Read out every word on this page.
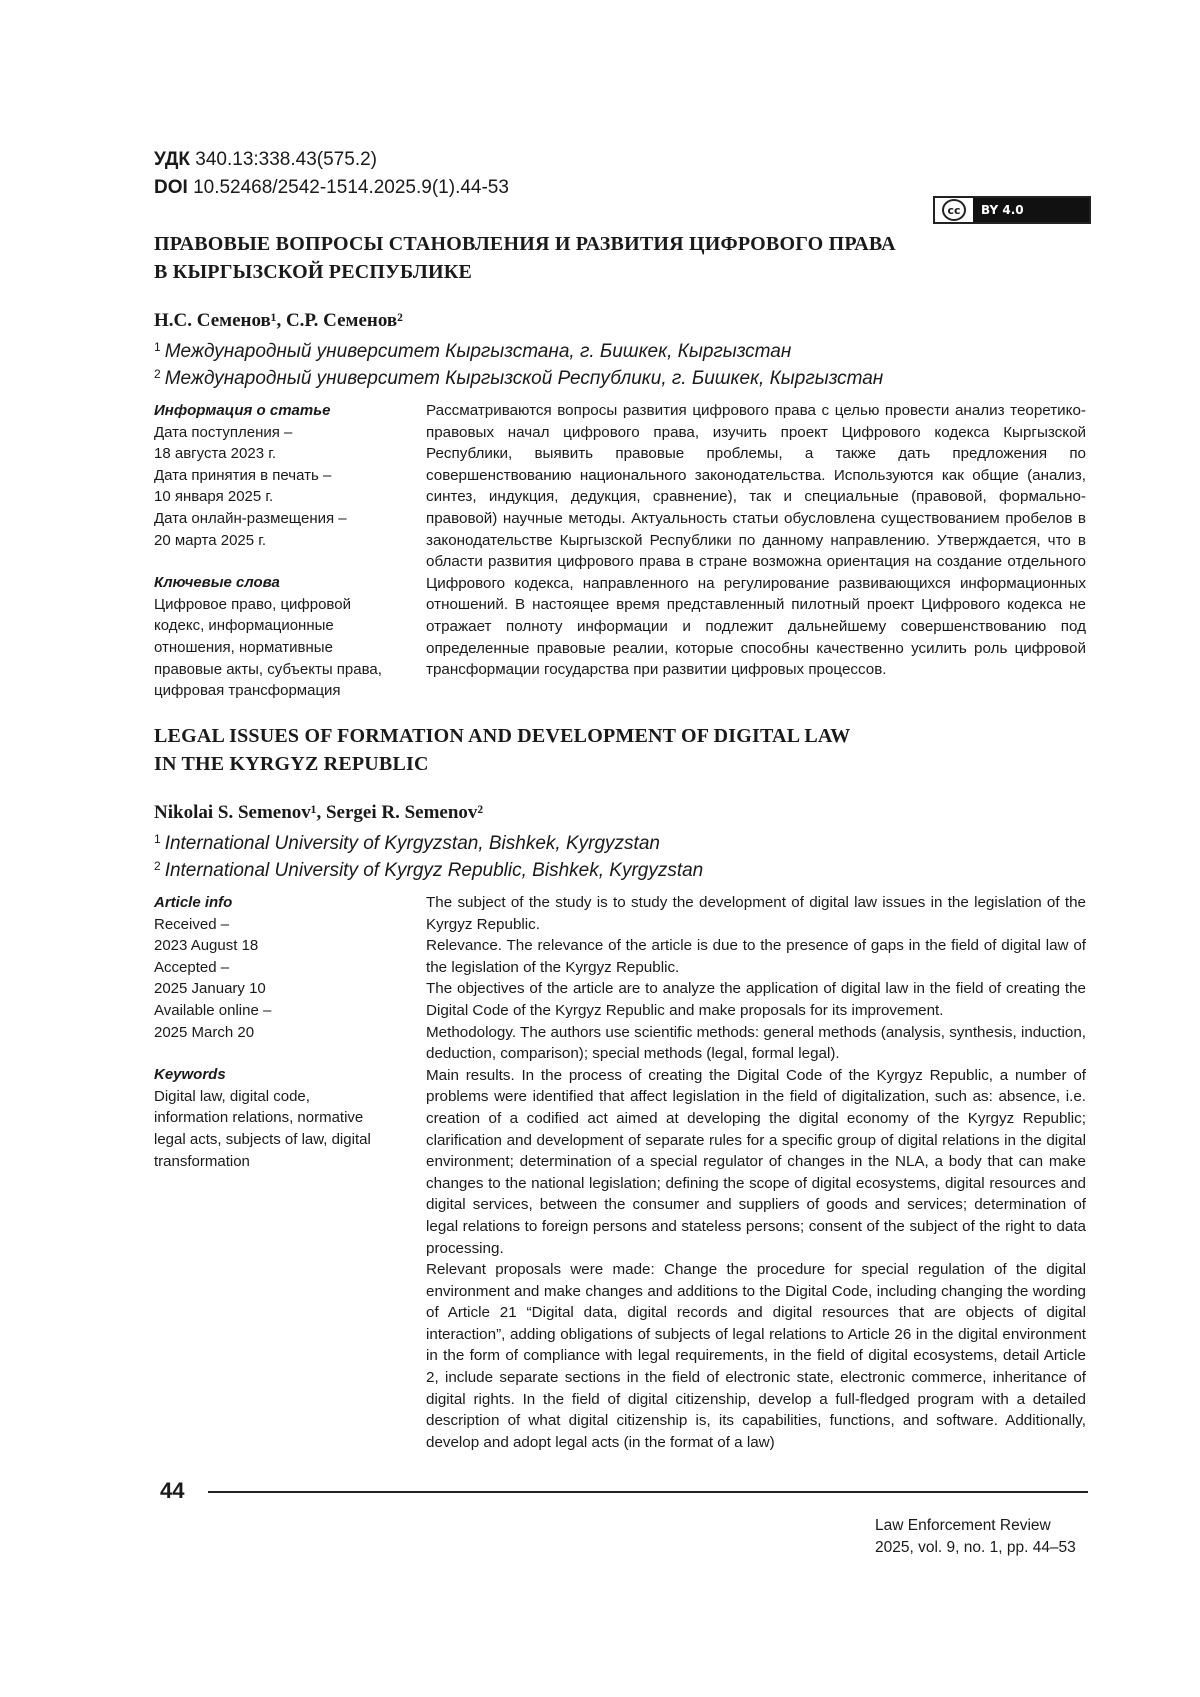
УДК 340.13:338.43(575.2)
DOI 10.52468/2542-1514.2025.9(1).44-53
cc	BY 4.0
ПРАВОВЫЕ ВОПРОСЫ СТАНОВЛЕНИЯ И РАЗВИТИЯ ЦИФРОВОГО ПРАВА
В КЫРГЫЗСКОЙ РЕСПУБЛИКЕ
Н.С. Семенов¹, С.Р. Семенов²
$^1$ Международный университет Кыргызстана, г. Бишкек, Кыргызстан
$^2$ Международный университет Кыргызской Республики, г. Бишкек, Кыргызстан
Информация о статье
Дата поступления –
18 августа 2023 г.
Дата принятия в печать –
10 января 2025 г.
Дата онлайн-размещения –
20 марта 2025 г.
Ключевые слова
Цифровое право, цифровой
кодекс, информационные
отношения, нормативные
правовые акты, субъекты права,
цифровая трансформация

Рассматриваются вопросы развития цифрового права с целью провести анализ теоретико-правовых начал цифрового права, изучить проект Цифрового кодекса Кыргызской Республики, выявить правовые проблемы, а также дать предложения по совершенствованию национального законодательства. Используются как общие (анализ, синтез, индукция, дедукция, сравнение), так и специальные (правовой, формально-правовой) научные методы. Актуальность статьи обусловлена существованием пробелов в законодательстве Кыргызской Республики по данному направлению. Утверждается, что в области развития цифрового права в стране возможна ориентация на создание отдельного Цифрового кодекса, направленного на регулирование развивающихся информационных отношений. В настоящее время представленный пилотный проект Цифрового кодекса не отражает полноту информации и подлежит дальнейшему совершенствованию под определенные правовые реалии, которые способны качественно усилить роль цифровой трансформации государства при развитии цифровых процессов.

LEGAL ISSUES OF FORMATION AND DEVELOPMENT OF DIGITAL LAW
IN THE KYRGYZ REPUBLIC
Nikolai S. Semenov¹, Sergei R. Semenov²
$^1$ International University of Kyrgyzstan, Bishkek, Kyrgyzstan
$^2$ International University of Kyrgyz Republic, Bishkek, Kyrgyzstan
Article info
Received –
2023 August 18
Accepted –
2025 January 10
Available online –
2025 March 20
Keywords
Digital law, digital code,
information relations, normative
legal acts, subjects of law, digital
transformation

The subject of the study is to study the development of digital law issues in the legislation of the Kyrgyz Republic.

Relevance. The relevance of the article is due to the presence of gaps in the field of digital law of the legislation of the Kyrgyz Republic.

The objectives of the article are to analyze the application of digital law in the field of creating the Digital Code of the Kyrgyz Republic and make proposals for its improvement.

Methodology. The authors use scientific methods: general methods (analysis, synthesis, induction, deduction, comparison); special methods (legal, formal legal).

Main results. In the process of creating the Digital Code of the Kyrgyz Republic, a number of problems were identified that affect legislation in the field of digitalization, such as: absence, i.e. creation of a codified act aimed at developing the digital economy of the Kyrgyz Republic; clarification and development of separate rules for a specific group of digital relations in the digital environment; determination of a special regulator of changes in the NLA, a body that can make changes to the national legislation; defining the scope of digital ecosystems, digital resources and digital services, between the consumer and suppliers of goods and services; determination of legal relations to foreign persons and stateless persons; consent of the subject of the right to data processing.

Relevant proposals were made: Change the procedure for special regulation of the digital environment and make changes and additions to the Digital Code, including changing the wording of Article 21 “Digital data, digital records and digital resources that are objects of digital interaction”, adding obligations of subjects of legal relations to Article 26 in the digital environment in the form of compliance with legal requirements, in the field of digital ecosystems, detail Article 2, include separate sections in the field of electronic state, electronic commerce, inheritance of digital rights. In the field of digital citizenship, develop a full-fledged program with a detailed description of what digital citizenship is, its capabilities, functions, and software. Additionally, develop and adopt legal acts (in the format of a law)

44
Law Enforcement Review
2025, vol. 9, no. 1, pp. 44–53
